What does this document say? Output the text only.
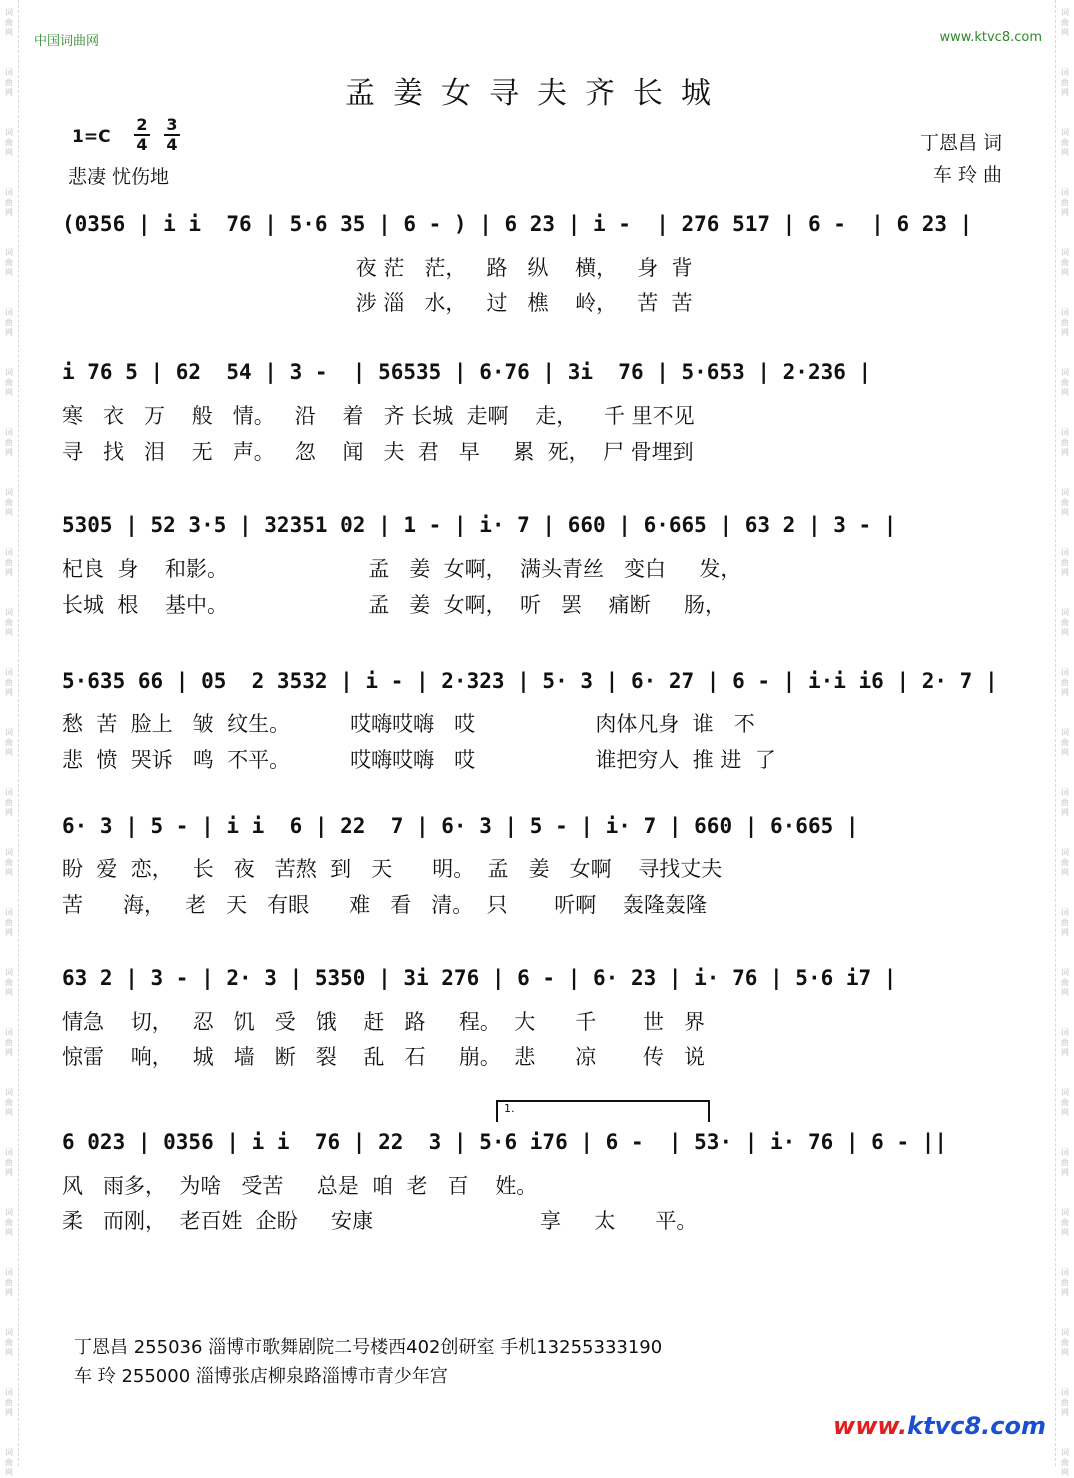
词曲网
词曲网
词曲网
词曲网
词曲网
词曲网
词曲网
词曲网
词曲网
词曲网
词曲网
词曲网
词曲网
词曲网
词曲网
词曲网
词曲网
词曲网
词曲网
词曲网
词曲网
词曲网
词曲网
词曲网
词曲网
词曲网
词曲网
词曲网
词曲网
词曲网
词曲网
词曲网
词曲网
词曲网
词曲网
词曲网
词曲网
词曲网
词曲网
词曲网
词曲网
词曲网
词曲网
词曲网
词曲网
词曲网
词曲网
词曲网
词曲网
词曲网
中国词曲网	www.ktvc8.com
孟姜女寻夫齐长城
1=C
2
4
3
4
悲凄 忧伤地
丁恩昌 词
车 玲 曲
(0356 | i i  76 | 5·6 35 | 6 - ) | 6 23 | i -  | 276 517 | 6 -  | 6 23 |
夜 茫   茫，   路   纵    横，   身  背
涉 淄   水，   过   樵    岭，   苦  苦
i 76 5 | 62  54 | 3 -  | 56535 | 6·76 | 3i  76 | 5·653 | 2·236 |
寒   衣   万    般   情。   沿    着   齐 长城  走啊    走，    千 里不见
寻   找   泪    无   声。   忽    闻   夫  君   早     累  死，  尸 骨埋到
5305 | 52 3·5 | 32351 02 | 1 - | i· 7 | 660 | 6·665 | 63 2 | 3 - |
杞良  身    和影。                     孟   姜  女啊，  满头青丝   变白     发，
长城  根    基中。                     孟   姜  女啊，  听   罢    痛断     肠，
5·635 66 | 05  2 3532 | i - | 2·323 | 5· 3 | 6· 27 | 6 - | i·i i6 | 2· 7 |
愁  苦  脸上   皱  纹生。         哎嗨哎嗨   哎                  肉体凡身  谁   不
悲  愤  哭诉   鸣  不平。         哎嗨哎嗨   哎                  谁把穷人  推 进  了
6· 3 | 5 - | i i  6 | 22  7 | 6· 3 | 5 - | i· 7 | 660 | 6·665 |
盼  爱  恋，   长   夜   苦熬  到   天      明。  孟   姜   女啊    寻找丈夫
苦      海，   老   天   有眼      难   看   清。  只       听啊    轰隆轰隆
63 2 | 3 - | 2· 3 | 5350 | 3i 276 | 6 - | 6· 23 | i· 76 | 5·6 i7 |
情急    切，   忍   饥   受   饿    赶   路     程。  大      千       世   界
惊雷    响，   城   墙   断   裂    乱   石     崩。  悲      凉       传   说
1.
6 023 | 0356 | i i  76 | 22  3 | 5·6 i76 | 6 -  | 53· | i· 76 | 6 - ||
风   雨多，  为啥   受苦     总是  咱  老   百    姓。
柔   而刚，  老百姓  企盼     安康                         享     太      平。
丁恩昌 255036 淄博市歌舞剧院二号楼西402创研室 手机13255333190
车 玲 255000 淄博张店柳泉路淄博市青少年宫
www.ktvc8.com
